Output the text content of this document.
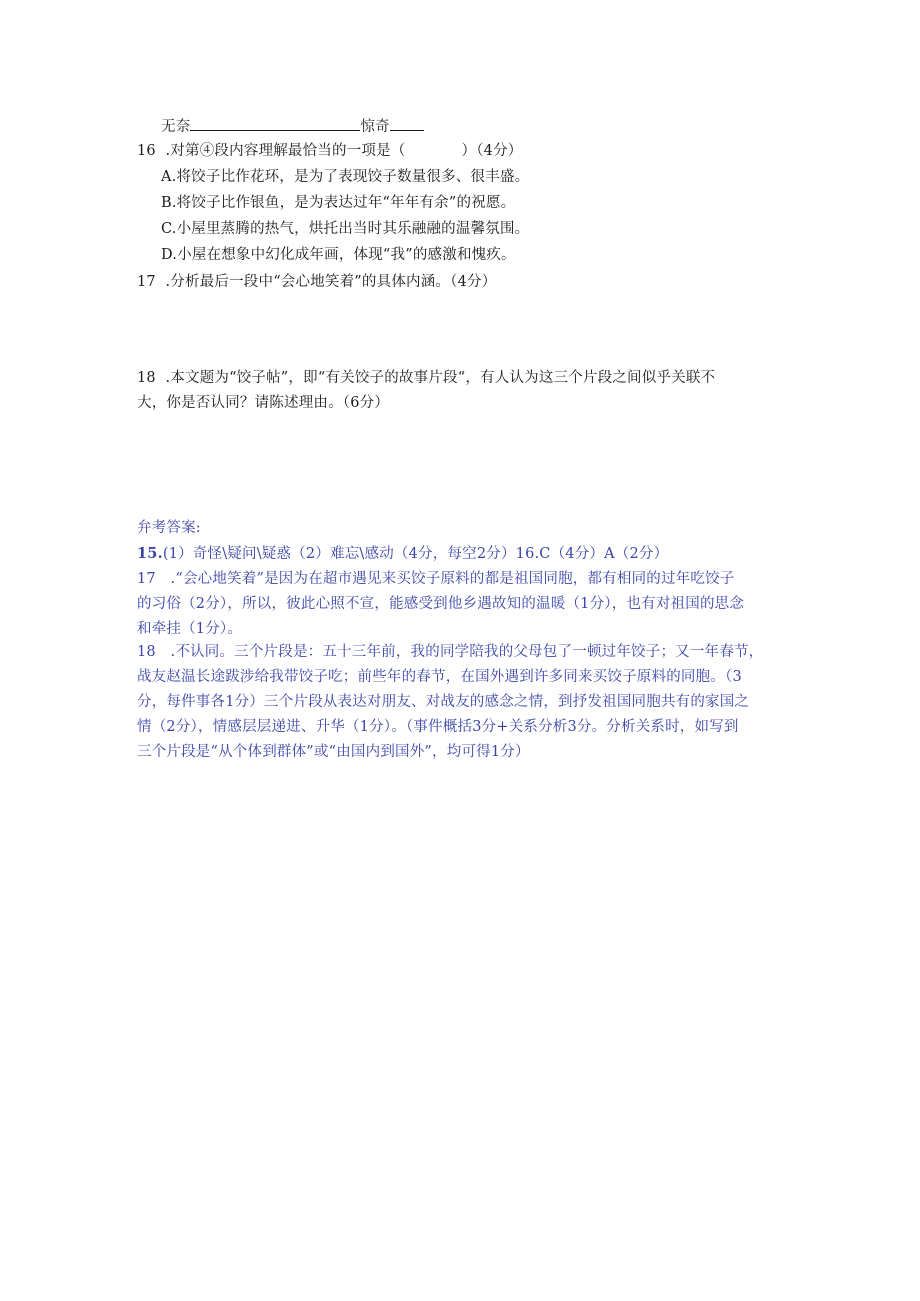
无奈	惊奇
16 .对第④段内容理解最恰当的一项是（	）（4分）
A.将饺子比作花环，是为了表现饺子数量很多、很丰盛。
B.将饺子比作银鱼，是为表达过年“年年有余”的祝愿。
C.小屋里蒸腾的热气，烘托出当时其乐融融的温馨氛围。
D.小屋在想象中幻化成年画，体现“我”的感激和愧疚。
17 .分析最后一段中“会心地笑着”的具体内涵。（4分）
18 .本文题为“饺子帖”，即“有关饺子的故事片段“，有人认为这三个片段之间似乎关联不
大，你是否认同？请陈述理由。（6分）
弁考答案:
15.(1）奇怪\疑问\疑惑（2）难忘\感动（4分，每空2分）16.C（4分）A（2分）
17　.“会心地笑着”是因为在超市遇见来买饺子原料的都是祖国同胞，都有相同的过年吃饺子
的习俗（2分），所以，彼此心照不宣，能感受到他乡遇故知的温暖（1分），也有对祖国的思念
和牵挂（1分）。
18　.不认同。三个片段是：五十三年前，我的同学陪我的父母包了一顿过年饺子；又一年春节，
战友赵温长途跋涉给我带饺子吃；前些年的春节，在国外遇到许多同来买饺子原料的同胞。（3
分，每件事各1分）三个片段从表达对朋友、对战友的感念之情，到抒发祖国同胞共有的家国之
情（2分），情感层层递进、升华（1分）。（事件概括3分+关系分析3分。分析关系时，如写到
三个片段是“从个体到群体”或“由国内到国外”，均可得1分）
